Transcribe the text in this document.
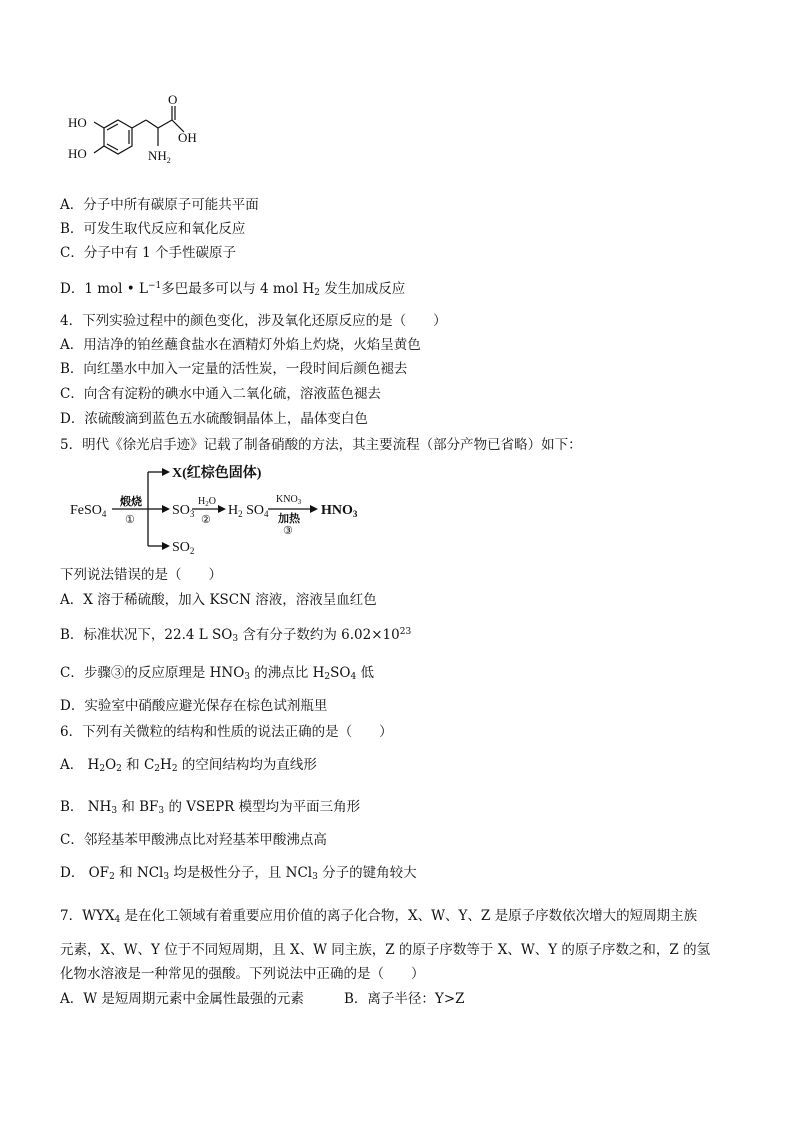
HO
HO
O
OH
$NH_2$
A．分子中所有碳原子可能共平面
B．可发生取代反应和氧化反应
C．分子中有 1 个手性碳原子
D．1 mol • $L^{-1}$多巴最多可以与 4 mol $H_2$ 发生加成反应
4．下列实验过程中的颜色变化，涉及氧化还原反应的是（　　）
A．用洁净的铂丝蘸食盐水在酒精灯外焰上灼烧，火焰呈黄色
B．向红墨水中加入一定量的活性炭，一段时间后颜色褪去
C．向含有淀粉的碘水中通入二氧化硫，溶液蓝色褪去
D．浓硫酸滴到蓝色五水硫酸铜晶体上，晶体变白色
5．明代《徐光启手迹》记载了制备硝酸的方法，其主要流程（部分产物已省略）如下：
FeSO$_4$
煅烧
①
X(红棕色固体)
$SO_3$
$H_2O$
②
$H_2$ $SO_4$
$KNO_3$
加热
③
$HNO_3$
$SO_2$
下列说法错误的是（　　）
A．X 溶于稀硫酸，加入 KSCN 溶液，溶液呈血红色
B．标准状况下，22.4 L $SO_3$ 含有分子数约为 $6.02\times 10^{23}$
C．步骤③的反应原理是 $HNO_3$ 的沸点比 $H_2SO_4$ 低
D．实验室中硝酸应避光保存在棕色试剂瓶里
6．下列有关微粒的结构和性质的说法正确的是（　　）
A． $H_2O_2$ 和 $C_2H_2$ 的空间结构均为直线形
B． $NH_3$ 和 $BF_3$ 的 VSEPR 模型均为平面三角形
C．邻羟基苯甲酸沸点比对羟基苯甲酸沸点高
D． $OF_2$ 和 NCl$_3$ 均是极性分子，且 NCl$_3$ 分子的键角较大
7．$WYX_4$ 是在化工领域有着重要应用价值的离子化合物，X、W、Y、Z 是原子序数依次增大的短周期主族
元素，X、W、Y 位于不同短周期，且 X、W 同主族，Z 的原子序数等于 X、W、Y 的原子序数之和，Z 的氢
化物水溶液是一种常见的强酸。下列说法中正确的是（　　）
A．W 是短周期元素中金属性最强的元素	B．离子半径：Y>Z
